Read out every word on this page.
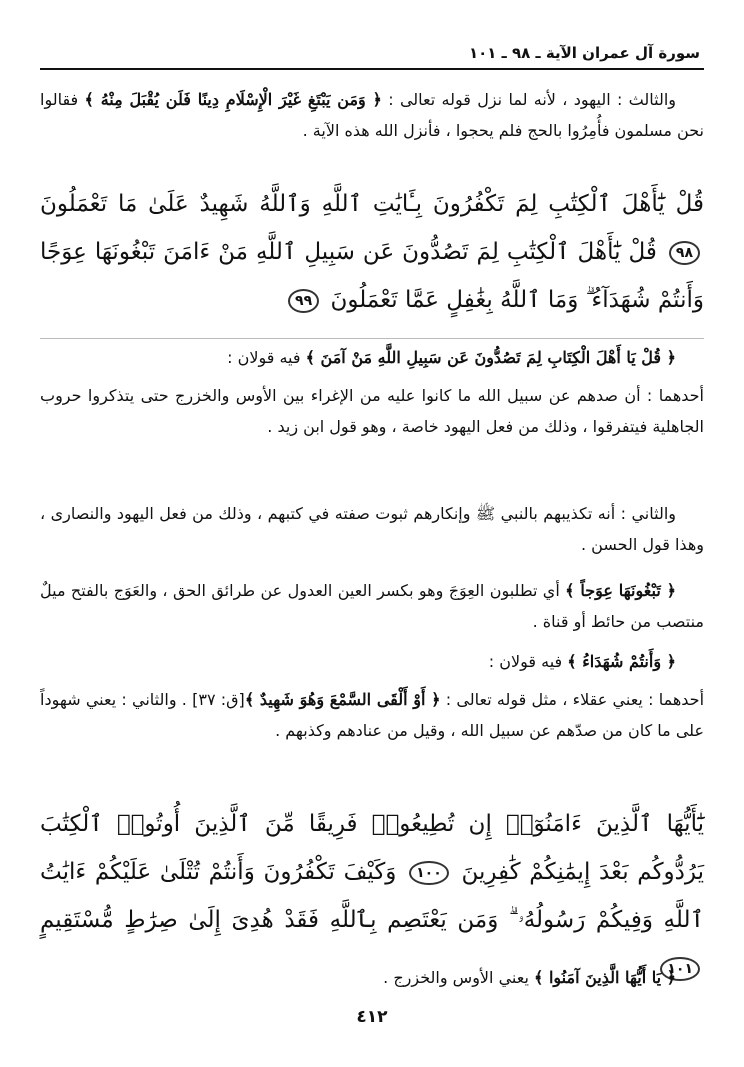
سورة آل عمران الآية ـ ٩٨ ـ ١٠١

والثالث : اليهود ، لأنه لما نزل قوله تعالى : ﴿ وَمَن يَبْتَغِ غَيْرَ الْإِسْلَامِ دِينًا فَلَن يُقْبَلَ مِنْهُ ﴾ فقالوا نحن مسلمون فأُمِرُوا بالحج فلم يحجوا ، فأنزل الله هذه الآية .

قُلْ يَٰٓأَهْلَ ٱلْكِتَٰبِ لِمَ تَكْفُرُونَ بِـَٔايَٰتِ ٱللَّهِ وَٱللَّهُ شَهِيدٌ عَلَىٰ مَا تَعْمَلُونَ ٩٨ قُلْ يَٰٓأَهْلَ ٱلْكِتَٰبِ لِمَ تَصُدُّونَ عَن سَبِيلِ ٱللَّهِ مَنْ ءَامَنَ تَبْغُونَهَا عِوَجًا وَأَنتُمْ شُهَدَآءُ ۗ وَمَا ٱللَّهُ بِغَٰفِلٍ عَمَّا تَعْمَلُونَ ٩٩

﴿ قُلْ يَا أَهْلَ الْكِتَابِ لِمَ تَصُدُّونَ عَن سَبِيلِ اللَّهِ مَنْ آمَنَ ﴾ فيه قولان :

أحدهما : أن صدهم عن سبيل الله ما كانوا عليه من الإغراء بين الأوس والخزرج حتى يتذكروا حروب الجاهلية فيتفرقوا ، وذلك من فعل اليهود خاصة ، وهو قول ابن زيد .

والثاني : أنه تكذيبهم بالنبي ﷺ وإنكارهم ثبوت صفته في كتبهم ، وذلك من فعل اليهود والنصارى ، وهذا قول الحسن .

﴿ تَبْغُونَهَا عِوَجاً ﴾ أي تطلبون العِوَجَ وهو بكسر العين العدول عن طرائق الحق ، والعَوَج بالفتح ميلٌ منتصب من حائط أو قناة .

﴿ وَأَنتُمْ شُهَدَاءُ ﴾ فيه قولان :

أحدهما : يعني عقلاء ، مثل قوله تعالى : ﴿ أَوْ أَلْقَى السَّمْعَ وَهُوَ شَهِيدٌ ﴾[ق: ٣٧] . والثاني : يعني شهوداً على ما كان من صدّهم عن سبيل الله ، وقيل من عنادهم وكذبهم .

يَٰٓأَيُّهَا ٱلَّذِينَ ءَامَنُوٓا۟ إِن تُطِيعُوا۟ فَرِيقًا مِّنَ ٱلَّذِينَ أُوتُوا۟ ٱلْكِتَٰبَ يَرُدُّوكُم بَعْدَ إِيمَٰنِكُمْ كَٰفِرِينَ ١٠٠ وَكَيْفَ تَكْفُرُونَ وَأَنتُمْ تُتْلَىٰ عَلَيْكُمْ ءَايَٰتُ ٱللَّهِ وَفِيكُمْ رَسُولُهُۥ ۗ وَمَن يَعْتَصِم بِٱللَّهِ فَقَدْ هُدِىَ إِلَىٰ صِرَٰطٍ مُّسْتَقِيمٍ ١٠١

﴿ يَا أَيُّهَا الَّذِينَ آمَنُوا ﴾ يعني الأوس والخزرج .

٤١٢
